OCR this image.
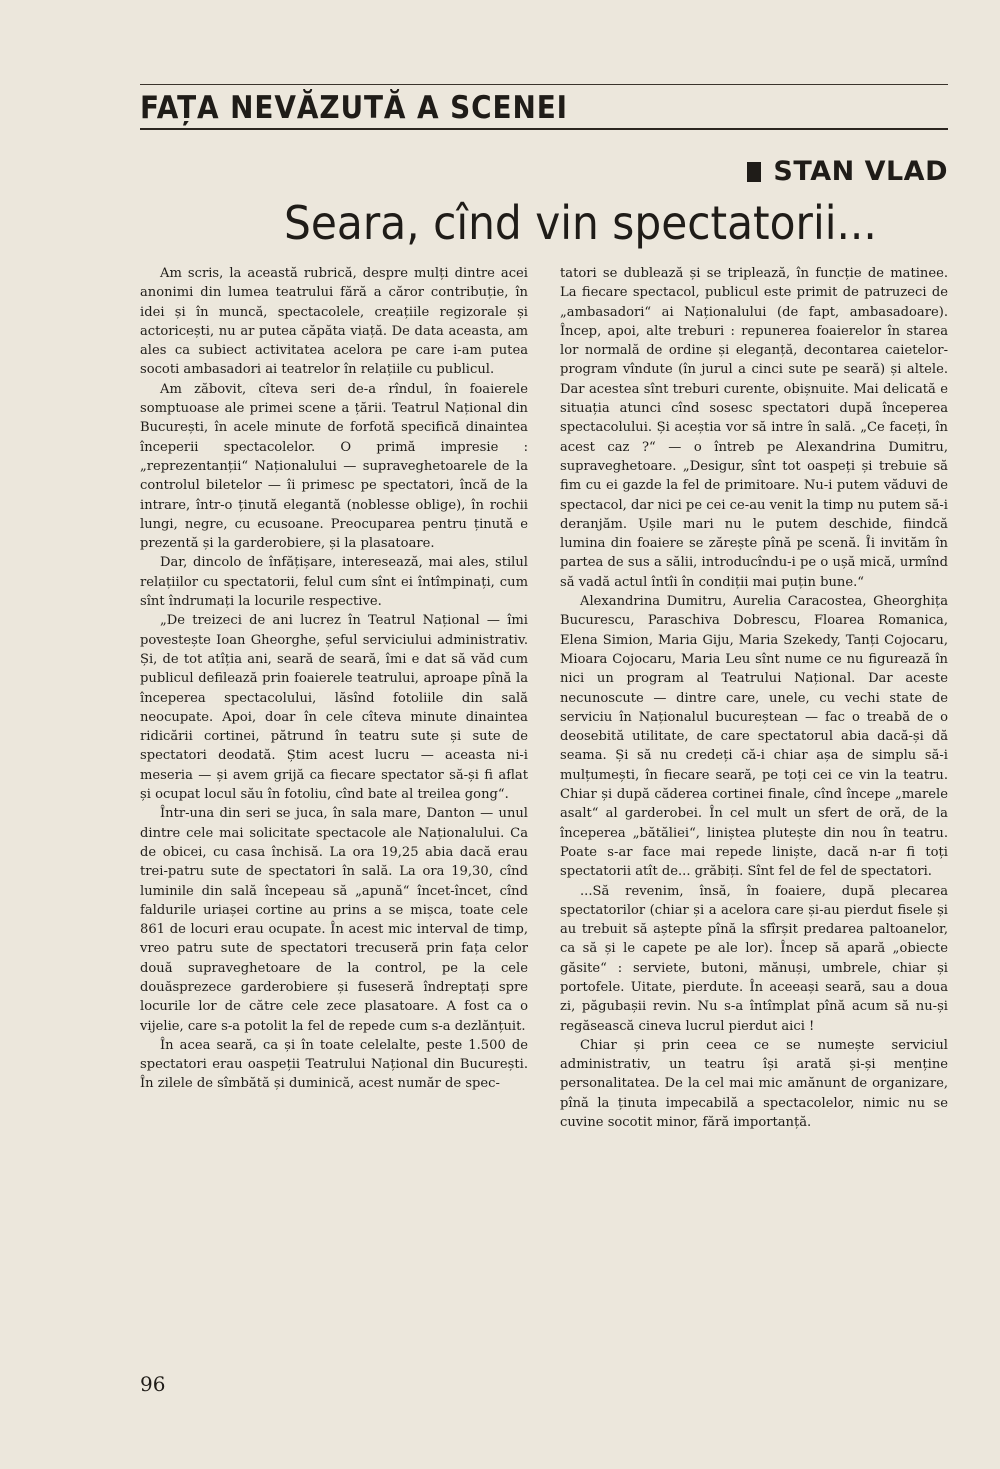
FAȚA NEVĂZUTĂ A SCENEI
STAN VLAD
Seara, cînd vin spectatorii...

Am scris, la această rubrică, despre mulți dintre acei anonimi din lumea teatrului fără a căror contribuție, în idei și în muncă, spectacolele, creațiile regizorale și actoricești, nu ar putea căpăta viață. De data aceasta, am ales ca subiect activitatea acelora pe care i-am putea socoti ambasadori ai teatrelor în relațiile cu publicul.

Am zăbovit, cîteva seri de-a rîndul, în foaierele somptuoase ale primei scene a țării. Teatrul Național din București, în acele minute de forfotă specifică dinaintea începerii spectacolelor. O primă impresie : „reprezentanții“ Naționalului — supraveghetoarele de la controlul biletelor — îi primesc pe spectatori, încă de la intrare, într-o ținută elegantă (noblesse oblige), în rochii lungi, negre, cu ecusoane. Preocuparea pentru ținută e prezentă și la garderobiere, și la plasatoare.

Dar, dincolo de înfățișare, interesează, mai ales, stilul relațiilor cu spectatorii, felul cum sînt ei întîmpinați, cum sînt îndrumați la locurile respective.

„De treizeci de ani lucrez în Teatrul Național — îmi povestește Ioan Gheorghe, șeful serviciului administrativ. Și, de tot atîția ani, seară de seară, îmi e dat să văd cum publicul defilează prin foaierele teatrului, aproape pînă la începerea spectacolului, lăsînd fotoliile din sală neocupate. Apoi, doar în cele cîteva minute dinaintea ridicării cortinei, pătrund în teatru sute și sute de spectatori deodată. Știm acest lucru — aceasta ni-i meseria — și avem grijă ca fiecare spectator să-și fi aflat și ocupat locul său în fotoliu, cînd bate al treilea gong“.

Într-una din seri se juca, în sala mare, Danton — unul dintre cele mai solicitate spectacole ale Naționalului. Ca de obicei, cu casa închisă. La ora 19,25 abia dacă erau trei-patru sute de spectatori în sală. La ora 19,30, cînd luminile din sală începeau să „apună“ încet-încet, cînd faldurile uriașei cortine au prins a se mișca, toate cele 861 de locuri erau ocupate. În acest mic interval de timp, vreo patru sute de spectatori trecuseră prin fața celor două supraveghetoare de la control, pe la cele douăsprezece garderobiere și fuseseră îndreptați spre locurile lor de către cele zece plasatoare. A fost ca o vijelie, care s-a potolit la fel de repede cum s-a dezlănțuit.

În acea seară, ca și în toate celelalte, peste 1.500 de spectatori erau oaspeții Teatrului Național din București. În zilele de sîmbătă și duminică, acest număr de spec-

tatori se dublează și se triplează, în funcție de matinee. La fiecare spectacol, publicul este primit de patruzeci de „ambasadori“ ai Naționalului (de fapt, ambasadoare). Încep, apoi, alte treburi : repunerea foaierelor în starea lor normală de ordine și eleganță, decontarea caietelor-program vîndute (în jurul a cinci sute pe seară) și altele. Dar acestea sînt treburi curente, obișnuite. Mai delicată e situația atunci cînd sosesc spectatori după începerea spectacolului. Și aceștia vor să intre în sală. „Ce faceți, în acest caz ?“ — o întreb pe Alexandrina Dumitru, supraveghetoare. „Desigur, sînt tot oaspeți și trebuie să fim cu ei gazde la fel de primitoare. Nu-i putem văduvi de spectacol, dar nici pe cei ce-au venit la timp nu putem să-i deranjăm. Ușile mari nu le putem deschide, fiindcă lumina din foaiere se zărește pînă pe scenă. Îi invităm în partea de sus a sălii, introducîndu-i pe o ușă mică, urmînd să vadă actul întîi în condiții mai puțin bune.“

Alexandrina Dumitru, Aurelia Caracostea, Gheorghița Bucurescu, Paraschiva Dobrescu, Floarea Romanica, Elena Simion, Maria Giju, Maria Szekedy, Tanți Cojocaru, Mioara Cojocaru, Maria Leu sînt nume ce nu figurează în nici un program al Teatrului Național. Dar aceste necunoscute — dintre care, unele, cu vechi state de serviciu în Naționalul bucureștean — fac o treabă de o deosebită utilitate, de care spectatorul abia dacă-și dă seama. Și să nu credeți că-i chiar așa de simplu să-i mulțumești, în fiecare seară, pe toți cei ce vin la teatru. Chiar și după căderea cortinei finale, cînd începe „marele asalt“ al garderobei. În cel mult un sfert de oră, de la începerea „bătăliei“, liniștea plutește din nou în teatru. Poate s-ar face mai repede liniște, dacă n-ar fi toți spectatorii atît de... grăbiți. Sînt fel de fel de spectatori.

...Să revenim, însă, în foaiere, după plecarea spectatorilor (chiar și a acelora care și-au pierdut fisele și au trebuit să aștepte pînă la sfîrșit predarea paltoanelor, ca să și le capete pe ale lor). Încep să apară „obiecte găsite“ : serviete, butoni, mănuși, umbrele, chiar și portofele. Uitate, pierdute. În aceeași seară, sau a doua zi, păgubașii revin. Nu s-a întîmplat pînă acum să nu-și regăsească cineva lucrul pierdut aici !

Chiar și prin ceea ce se numește serviciul administrativ, un teatru își arată și-și menține personalitatea. De la cel mai mic amănunt de organizare, pînă la ținuta impecabilă a spectacolelor, nimic nu se cuvine socotit minor, fără importanță.

96
